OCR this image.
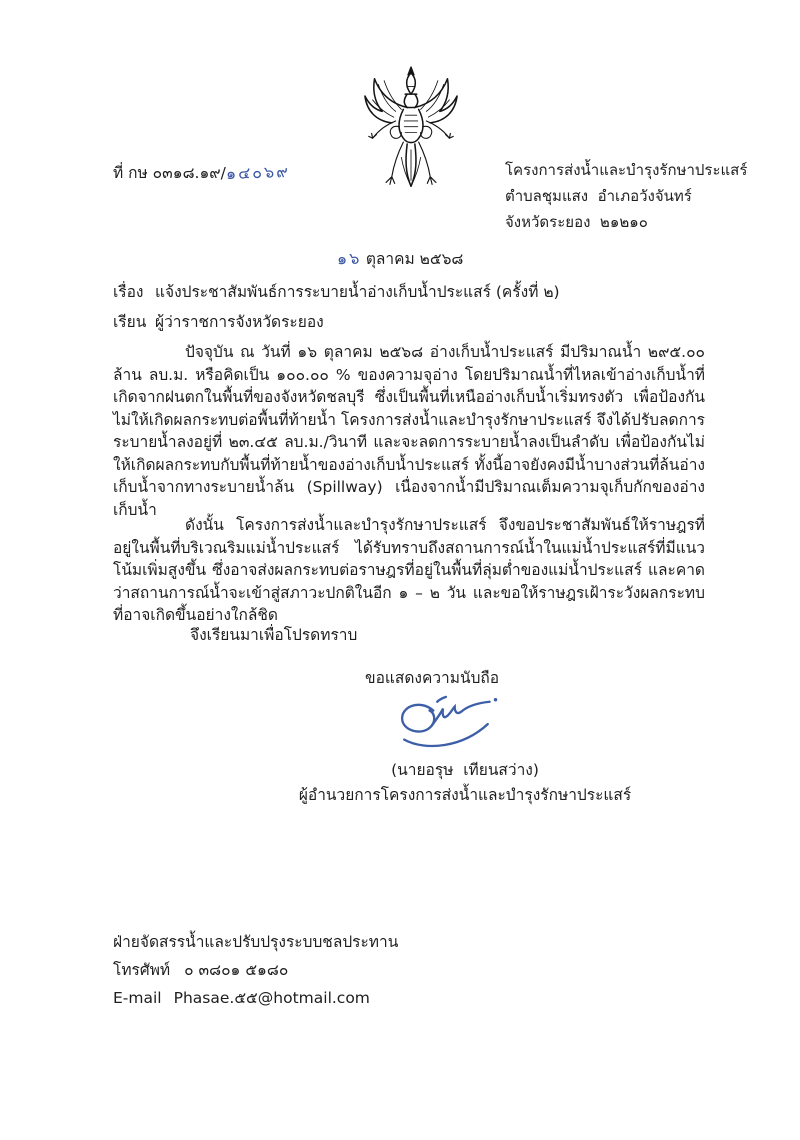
ที่ กษ ๐๓๑๘.๑๙/๑๔๐๖๙	โครงการส่งน้ำและบำรุงรักษาประแสร์
ตำบลชุมแสง  อำเภอวังจันทร์
จังหวัดระยอง  ๒๑๒๑๐
๑๖ ตุลาคม ๒๕๖๘
เรื่อง แจ้งประชาสัมพันธ์การระบายน้ำอ่างเก็บน้ำประแสร์ (ครั้งที่ ๒)
เรียน ผู้ว่าราชการจังหวัดระยอง
ปัจจุบัน ณ วันที่ ๑๖ ตุลาคม ๒๕๖๘ อ่างเก็บน้ำประแสร์ มีปริมาณน้ำ ๒๙๕.๐๐ ล้าน ลบ.ม. หรือคิดเป็น ๑๐๐.๐๐ % ของความจุอ่าง โดยปริมาณน้ำที่ไหลเข้าอ่างเก็บน้ำที่เกิดจากฝนตกในพื้นที่ของจังหวัดชลบุรี ซึ่งเป็นพื้นที่เหนืออ่างเก็บน้ำเริ่มทรงตัว เพื่อป้องกันไม่ให้เกิดผลกระทบต่อพื้นที่ท้ายน้ำ โครงการส่งน้ำและบำรุงรักษาประแสร์ จึงได้ปรับลดการระบายน้ำลงอยู่ที่ ๒๓.๔๕ ลบ.ม./วินาที และจะลดการระบายน้ำลงเป็นลำดับ เพื่อป้องกันไม่ให้เกิดผลกระทบกับพื้นที่ท้ายน้ำของอ่างเก็บน้ำประแสร์ ทั้งนี้อาจยังคงมีน้ำบางส่วนที่ล้นอ่างเก็บน้ำจากทางระบายน้ำล้น (Spillway) เนื่องจากน้ำมีปริมาณเต็มความจุเก็บกักของอ่างเก็บน้ำ
ดังนั้น โครงการส่งน้ำและบำรุงรักษาประแสร์ จึงขอประชาสัมพันธ์ให้ราษฎรที่อยู่ในพื้นที่บริเวณริมแม่น้ำประแสร์ ได้รับทราบถึงสถานการณ์น้ำในแม่น้ำประแสร์ที่มีแนวโน้มเพิ่มสูงขึ้น ซึ่งอาจส่งผลกระทบต่อราษฎรที่อยู่ในพื้นที่ลุ่มต่ำของแม่น้ำประแสร์ และคาดว่าสถานการณ์น้ำจะเข้าสู่สภาวะปกติในอีก ๑ – ๒ วัน และขอให้ราษฎรเฝ้าระวังผลกระทบที่อาจเกิดขึ้นอย่างใกล้ชิด
จึงเรียนมาเพื่อโปรดทราบ
ขอแสดงความนับถือ
(นายอรุษ  เทียนสว่าง)
ผู้อำนวยการโครงการส่งน้ำและบำรุงรักษาประแสร์
ฝ่ายจัดสรรน้ำและปรับปรุงระบบชลประทาน
โทรศัพท์ ๐ ๓๘๐๑ ๕๑๘๐
E-mail Phasae.๕๕@hotmail.com
